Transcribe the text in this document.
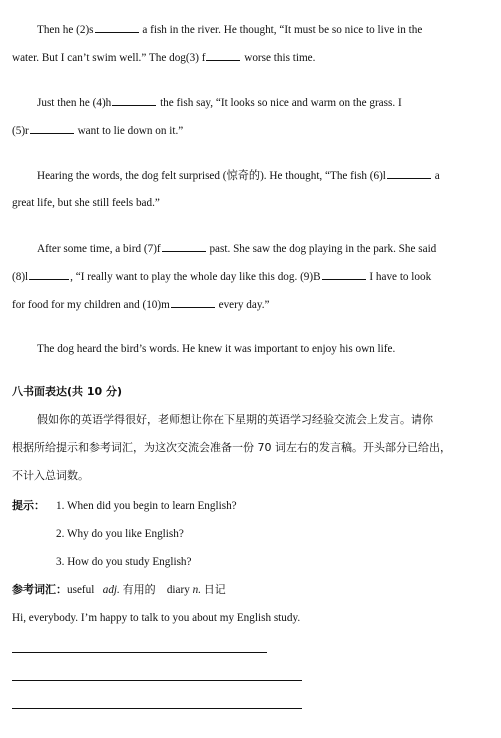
Then he (2)s	a fish in the river. He thought, “It must be so nice to live in the
water. But I can’t swim well.” The dog(3) f	worse this time.
Just then he (4)h	the fish say, “It looks so nice and warm on the grass. I
(5)r	want to lie down on it.”
Hearing the words, the dog felt surprised (惊奇的). He thought, “The fish (6)l	a
great life, but she still feels bad.”
After some time, a bird (7)f	past. She saw the dog playing in the park. She said
(8)l	, “I really want to play the whole day like this dog. (9)B	I have to look
for food for my children and (10)m	every day.”
The dog heard the bird’s words. He knew it was important to enjoy his own life.
八书面表达(共 10 分)
假如你的英语学得很好，老师想让你在下星期的英语学习经验交流会上发言。请你
根据所给提示和参考词汇，为这次交流会准备一份 70 词左右的发言稿。开头部分已给出，
不计入总词数。
提示： 1. When did you begin to learn English?
2. Why do you like English?
3. How do you study English?
参考词汇：useful adj. 有用的 diary n. 日记
Hi, everybody. I’m happy to talk to you about my English study.
